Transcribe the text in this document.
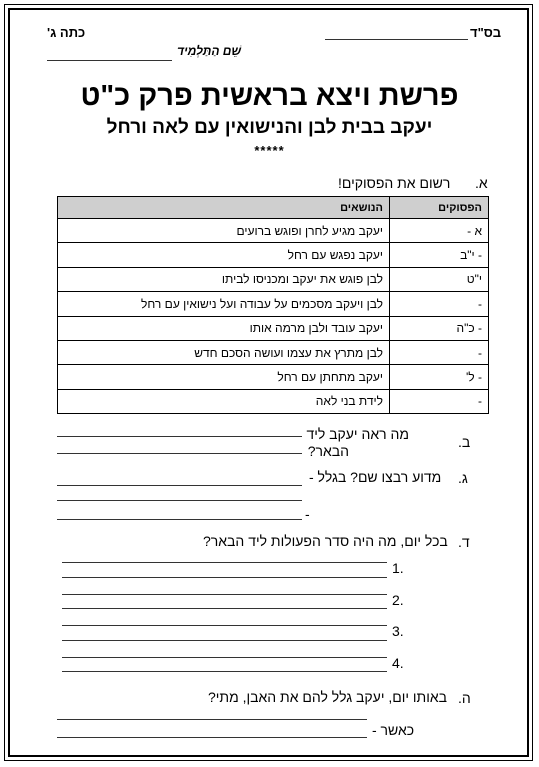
בס"ד
כתה ג'
שֵׁם הַתַּלְמִיד
פרשת ויצא בראשית פרק כ"ט
יעקב בבית לבן והנישואין עם לאה ורחל
*****
א.
רשום את הפסוקים!
הפסוקים	הנושאים
א -	יעקב מגיע לחרן ופוגש ברועים
- י"ב	יעקב נפגש עם רחל
י"ט	לבן פוגש את יעקב ומכניסו לביתו
-	לבן ויעקב מסכמים על עבודה ועל נישואין עם רחל
- כ"ה	יעקב עובד ולבן מרמה אותו
-	לבן מתרץ את עצמו ועושה הסכם חדש
- ל'	יעקב מתחתן עם רחל
-	לידת בני לאה
ב.
מה ראה יעקב ליד
הבאר?
ג.
מדוע רבצו שם? בגלל -
-
ד.
בכל יום, מה היה סדר הפעולות ליד הבאר?
1.
2.
3.
4.
ה.
באותו יום, יעקב גלל להם את האבן, מתי?
כאשר -
